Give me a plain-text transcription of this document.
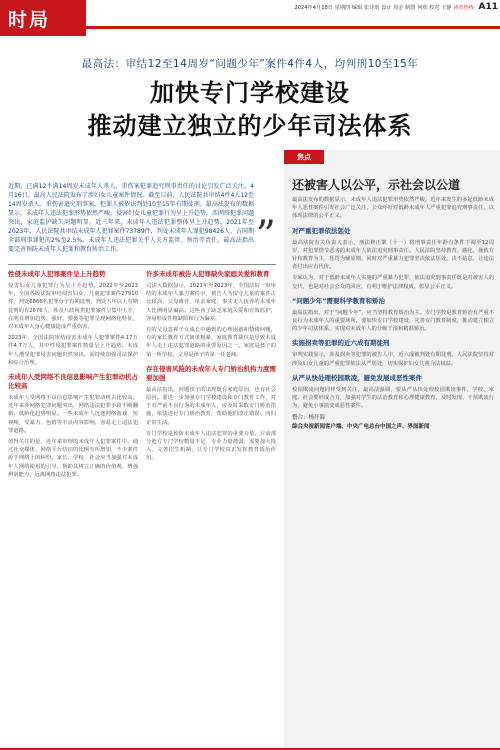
时局
2024年4月18日 星期四 编辑 张诗雨 设计 周金 制图 何欣 校对 王静 读者热线 A11
最高法：审结12至14周岁“问题少年”案件4件4人，均判刑10至15年
加快专门学校建设
推动建立独立的少年司法体系
近期，已满12不满14周岁未成年人杀人、重伤案犯罪追究刑事责任的讨论引发广泛关注。4月16日，最高人民法院发布了涉妇女儿童案件情况。截至目前，人民法院共审结4件4人12至14周岁杀人、重伤害追究刑事案，犯罪人被依法判处10至15年有期徒刑。最高法发布的数据显示，未成年人违法犯罪形势依然严峻，侵害妇女儿童犯罪行为呈上升趋势，涉网络犯罪问题突出，家庭监护缺失问题明显。近三年来，未成年人违法犯罪整体呈上升趋势，2021年至2023年，人民法院共审结未成年人犯罪案件73789件，判处未成年人罪犯98426人，占同期全部刑事罪犯的2%至2.5%。未成年人违法犯罪关乎人关方监管、预治等责任。最高法指出要完善预防未成年人犯罪和教育矫治工作。	”
性侵未成年人犯罪案件呈上升趋势
侵害妇女儿童犯罪行为呈上升趋势。2022年至2023年，全国各级法院审结侵害妇女、儿童犯罪案件27910件，判处6866名犯罪分子有期徒刑，判处五年以上有期徒刑的有2676人，涉及八歧视类犯罪案件呈集中上升，在明显增加趋势，强奸、猥亵等犯罪呈现网络化特征，对未成年人身心健康造成严重伤害。
2023年，全国法院审结侵害未成年人犯罪案件4.17万件4.7万人，其中性侵犯罪案件数量呈上升趋势。未成年人遭受犯罪侵害问题仍然突出，需持续加强司法保护和综合治理。
未成年人受网络不良信息影响产生犯罪动机占比较高
未成年人受网络不良信息影响产生犯罪动机占比较高。近年来涉网络犯罪问题突出，网络违法犯罪手段不断翻新，低龄化趋势明显。一些未成年人沉迷网络游戏、短视频，受暴力、色情等不良内容影响，容易走上违法犯罪道路。
值得关注的是，近年来审理的未成年人犯罪案件中，通过社交媒体、网络平台结识的比例有所增加，不少案件源于网络上的纠纷。家长、学校、社会应当加强对未成年人网络使用的引导，帮助其树立正确的价值观，增强辨别能力，远离网络违法犯罪。
许多未成年被告人犯罪缺失家庭关爱和教育
司法大数据显示，2021年至2023年，全国法院一审审结的未成年人暴力案件中，被告人为留守儿童的案件占比较高，父母离异、单亲家庭、事实无人抚养的未成年人比例明显偏高。这些孩子缺乏家庭关爱和有效监护，容易形成性格缺陷和行为偏差。
有的父母忽视子女成长中遇到的心理困惑和情绪问题，有的家长教育方式简单粗暴，家庭教育缺位是导致未成年人走上违法犯罪道路的重要原因之一。家庭是孩子的第一所学校，父母是孩子的第一任老师。
存在侵害风险的未成年人专门矫治机构力度需要加强
最高法指出，问题孩子的出现既有家庭原因，也有社会原因。要进一步加强专门学校建设和专门教育工作，对于有严重不良行为的未成年人，应及时采取专门矫治措施，依法进行专门矫治教育，帮助他们改正错误、回归正常生活。
专门学校是预防未成年人违法犯罪的重要力量。目前部分地方专门学校数量不足、专业力量薄弱，需要加大投入、完善招生机制，让专门学校真正发挥教育矫治作用。
焦点
还被害人以公平，示社会以公道
最高法发布的数据显示，未成年人违法犯罪形势依然严峻。近年来发生的多起低龄未成年人恶性案件引发社会广泛关注，公众呼吁对低龄未成年人严重犯罪追究刑事责任，以体现法律的公平正义。
对严重犯罪依法惩处
最高法院有关负责人表示，刑法修正案（十一）将刑事责任年龄有条件下调至12周岁，对犯罪情节恶劣的未成年人依法追究刑事责任。人民法院坚持教育、感化、挽救方针和教育为主、惩罚为辅原则，同时对严重暴力犯罪坚决依法惩处，决不姑息，让违法者付出应有代价。
专家认为，对于低龄未成年人实施的严重暴力犯罪，依法追究刑事责任既是对被害人的交代，也是对社会公众的回应，有利于维护法律权威，彰显公平正义。
“问题少年”需要科学教育和矫治
最高法指出，对于“问题少年”，应当坚持教育矫治为主。专门学校是教育矫治有严重不良行为未成年人的重要场所，要加快专门学校建设，完善专门教育制度，推动建立独立的少年司法体系，实现对未成年人的分级干预和精准矫治。
实施拐卖等犯罪的近六成有期徒刑
审判实践显示，涉及拐卖等犯罪的被告人中，近六成被判处有期徒刑。人民法院坚持对涉及妇女儿童的严重犯罪依法从严惩处，切实保护妇女儿童合法权益。
从严从快处理校园欺凌，避免发展成恶性案件
校园欺凌问题同样受到关注。最高法强调，要从严从快处理校园欺凌事件，学校、家庭、社会要形成合力，加强对学生的法治教育和心理健康教育，及时发现、干预欺凌行为，避免小事演变成恶性案件。
整合：杨开海
综合央视新闻客户端、中央广电总台中国之声、界面新闻
